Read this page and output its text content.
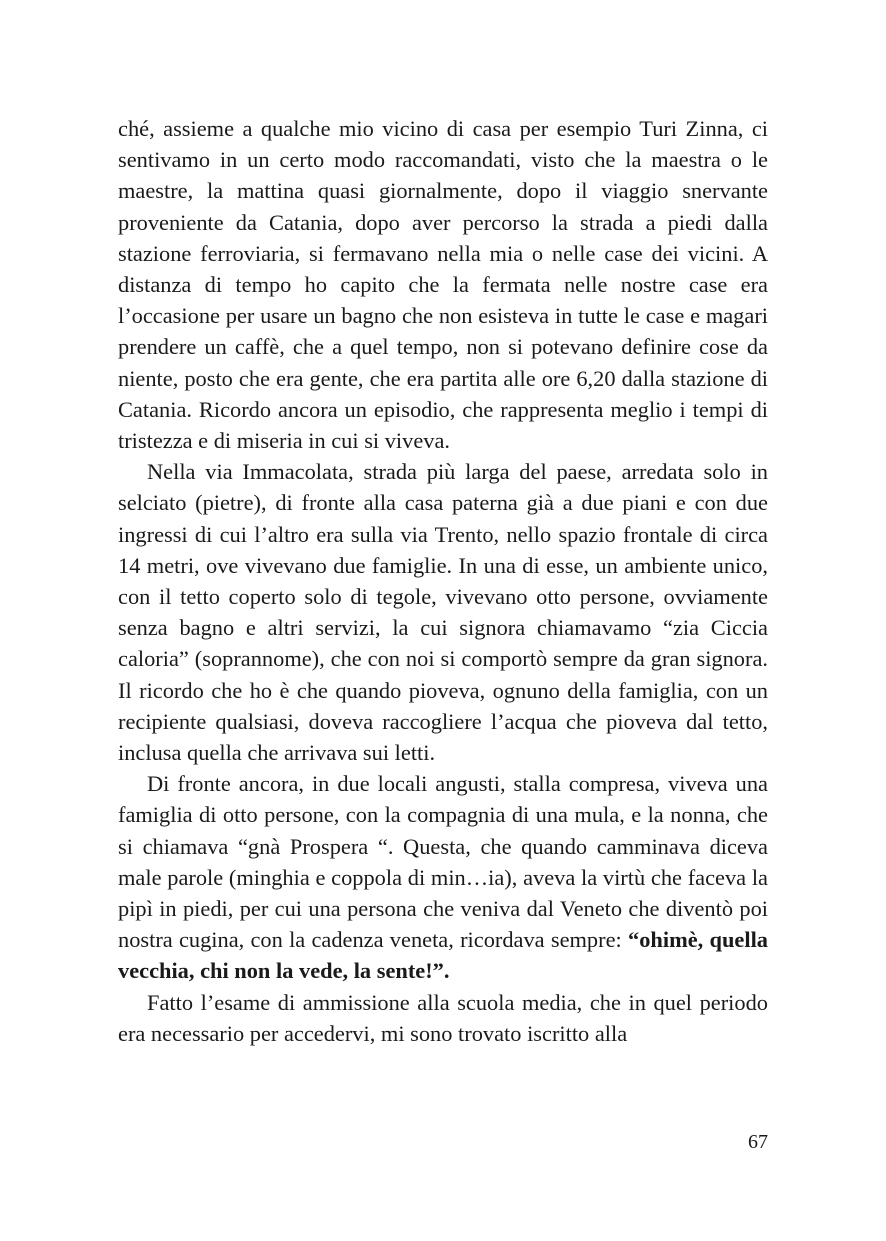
ché, assieme a qualche mio vicino di casa per esempio Turi Zinna, ci sentivamo in un certo modo raccomandati, visto che la maestra o le maestre, la mattina quasi giornalmente, dopo il viaggio snervante proveniente da Catania, dopo aver percorso la strada a piedi dalla stazione ferroviaria, si fermavano nella mia o nelle case dei vicini. A distanza di tempo ho capito che la fermata nelle nostre case era l’occasione per usare un bagno che non esisteva in tutte le case e magari prendere un caffè, che a quel tempo, non si potevano definire cose da niente, posto che era gente, che era partita alle ore 6,20 dalla stazione di Catania. Ricordo ancora un episodio, che rappresenta meglio i tempi di tristezza e di miseria in cui si viveva.

Nella via Immacolata, strada più larga del paese, arredata solo in selciato (pietre), di fronte alla casa paterna già a due piani e con due ingressi di cui l’altro era sulla via Trento, nello spazio frontale di circa 14 metri, ove vivevano due famiglie. In una di esse, un ambiente unico, con il tetto coperto solo di tegole, vivevano otto persone, ovviamente senza bagno e altri servizi, la cui signora chiamavamo “zia Ciccia caloria” (soprannome), che con noi si comportò sempre da gran signora. Il ricordo che ho è che quando pioveva, ognuno della famiglia, con un recipiente qualsiasi, doveva raccogliere l’acqua che pioveva dal tetto, inclusa quella che arrivava sui letti.

Di fronte ancora, in due locali angusti, stalla compresa, viveva una famiglia di otto persone, con la compagnia di una mula, e la nonna, che si chiamava “gnà Prospera “. Questa, che quando camminava diceva male parole (minghia e coppola di min…ia), aveva la virtù che faceva la pipì in piedi, per cui una persona che veniva dal Veneto che diventò poi nostra cugina, con la cadenza veneta, ricordava sempre: “ohimè, quella vecchia, chi non la vede, la sente!”.

Fatto l’esame di ammissione alla scuola media, che in quel periodo era necessario per accedervi, mi sono trovato iscritto alla

67
